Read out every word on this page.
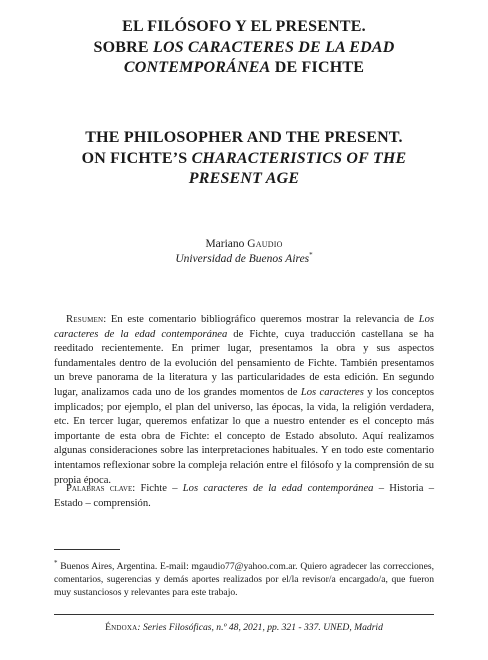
EL FILÓSOFO Y EL PRESENTE.
SOBRE LOS CARACTERES DE LA EDAD
CONTEMPORÁNEA DE FICHTE
THE PHILOSOPHER AND THE PRESENT.
ON FICHTE’S CHARACTERISTICS OF THE
PRESENT AGE
Mariano Gaudio
Universidad de Buenos Aires*

Resumen: En este comentario bibliográfico queremos mostrar la relevancia de Los caracteres de la edad contemporánea de Fichte, cuya traducción castellana se ha reeditado recientemente. En primer lugar, presentamos la obra y sus aspectos fundamentales dentro de la evolución del pensamiento de Fichte. También presentamos un breve panorama de la literatura y las particularidades de esta edición. En segundo lugar, analizamos cada uno de los grandes momentos de Los caracteres y los conceptos implicados; por ejemplo, el plan del universo, las épocas, la vida, la religión verdadera, etc. En tercer lugar, queremos enfatizar lo que a nuestro entender es el concepto más importante de esta obra de Fichte: el concepto de Estado absoluto. Aquí realizamos algunas consideraciones sobre las interpretaciones habituales. Y en todo este comentario intentamos reflexionar sobre la compleja relación entre el filósofo y la comprensión de su propia época.

Palabras clave: Fichte – Los caracteres de la edad contemporánea – Historia – Estado – comprensión.

* Buenos Aires, Argentina. E-mail: mgaudio77@yahoo.com.ar. Quiero agradecer las correcciones, comentarios, sugerencias y demás aportes realizados por el/la revisor/a encargado/a, que fueron muy sustanciosos y relevantes para este trabajo.

Éndoxa: Series Filosóficas, n.º 48, 2021, pp. 321 - 337. UNED, Madrid
